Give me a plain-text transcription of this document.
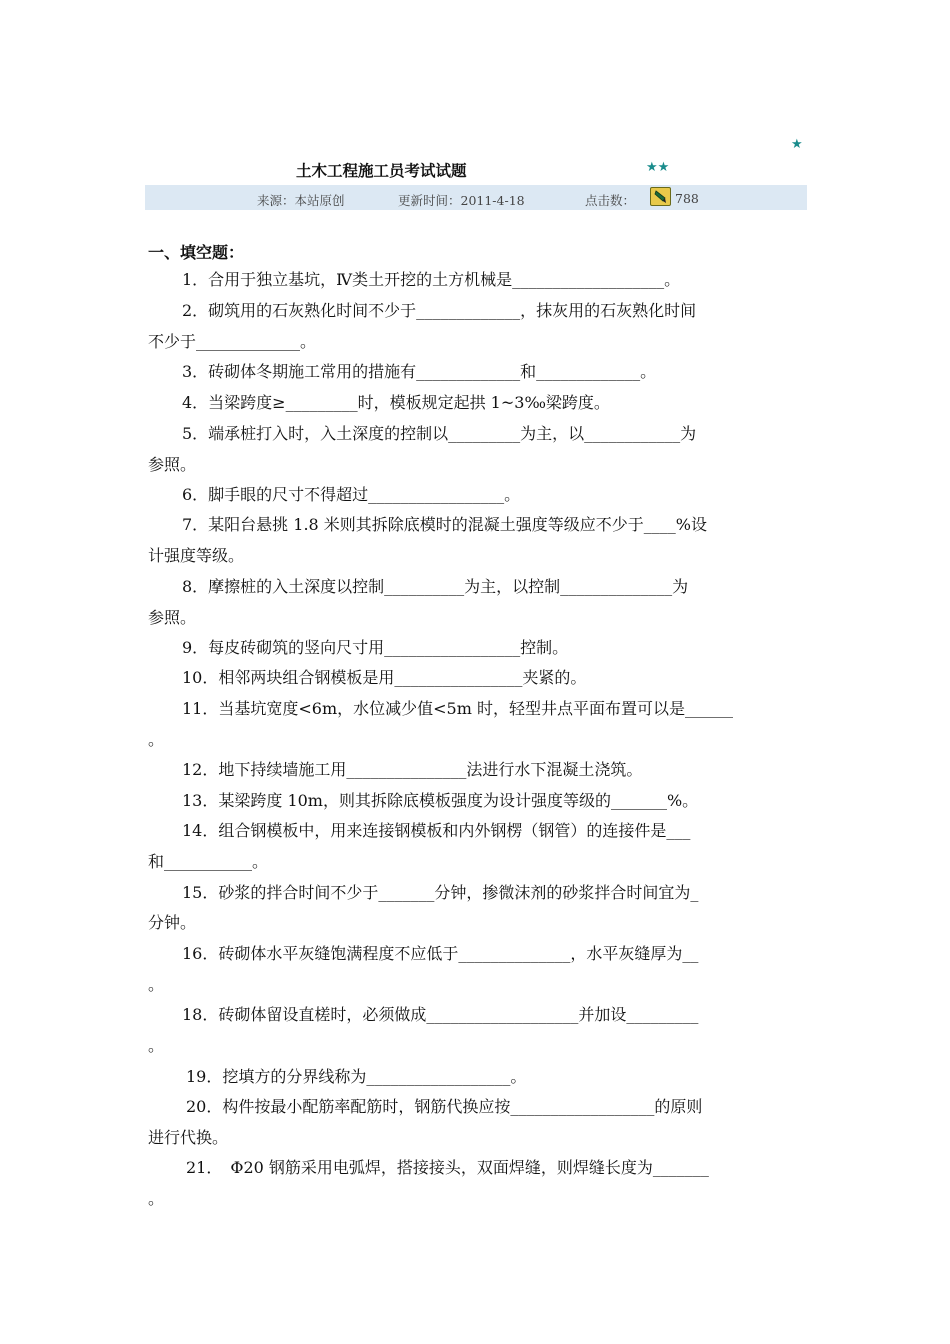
★
土木工程施工员考试试题	★★
来源：本站原创	更新时间：2011-4-18	点击数：	788
一、填空题：
1．合用于独立基坑，Ⅳ类土开挖的土方机械是___________________。
2．砌筑用的石灰熟化时间不少于_____________，抹灰用的石灰熟化时间
不少于_____________。
3．砖砌体冬期施工常用的措施有_____________和_____________。
4．当梁跨度≥_________时，模板规定起拱 1~3‰梁跨度。
5．端承桩打入时，入土深度的控制以_________为主，以____________为
参照。
6．脚手眼的尺寸不得超过_________________。
7．某阳台悬挑 1.8 米则其拆除底模时的混凝土强度等级应不少于____%设
计强度等级。
8．摩擦桩的入土深度以控制__________为主，以控制______________为
参照。
9．每皮砖砌筑的竖向尺寸用_________________控制。
10．相邻两块组合钢模板是用________________夹紧的。
11．当基坑宽度<6m，水位减少值<5m 时，轻型井点平面布置可以是______
。
12．地下持续墙施工用_______________法进行水下混凝土浇筑。
13．某梁跨度 10m，则其拆除底模板强度为设计强度等级的_______%。
14．组合钢模板中，用来连接钢模板和内外钢楞（钢管）的连接件是___
和___________。
15．砂浆的拌合时间不少于_______分钟，掺微沫剂的砂浆拌合时间宜为_
分钟。
16．砖砌体水平灰缝饱满程度不应低于______________，水平灰缝厚为__
。
18．砖砌体留设直槎时，必须做成___________________并加设_________
。
19．挖填方的分界线称为__________________。
20．构件按最小配筋率配筋时，钢筋代换应按__________________的原则
进行代换。
21．　Φ20 钢筋采用电弧焊，搭接接头，双面焊缝，则焊缝长度为_______
。
